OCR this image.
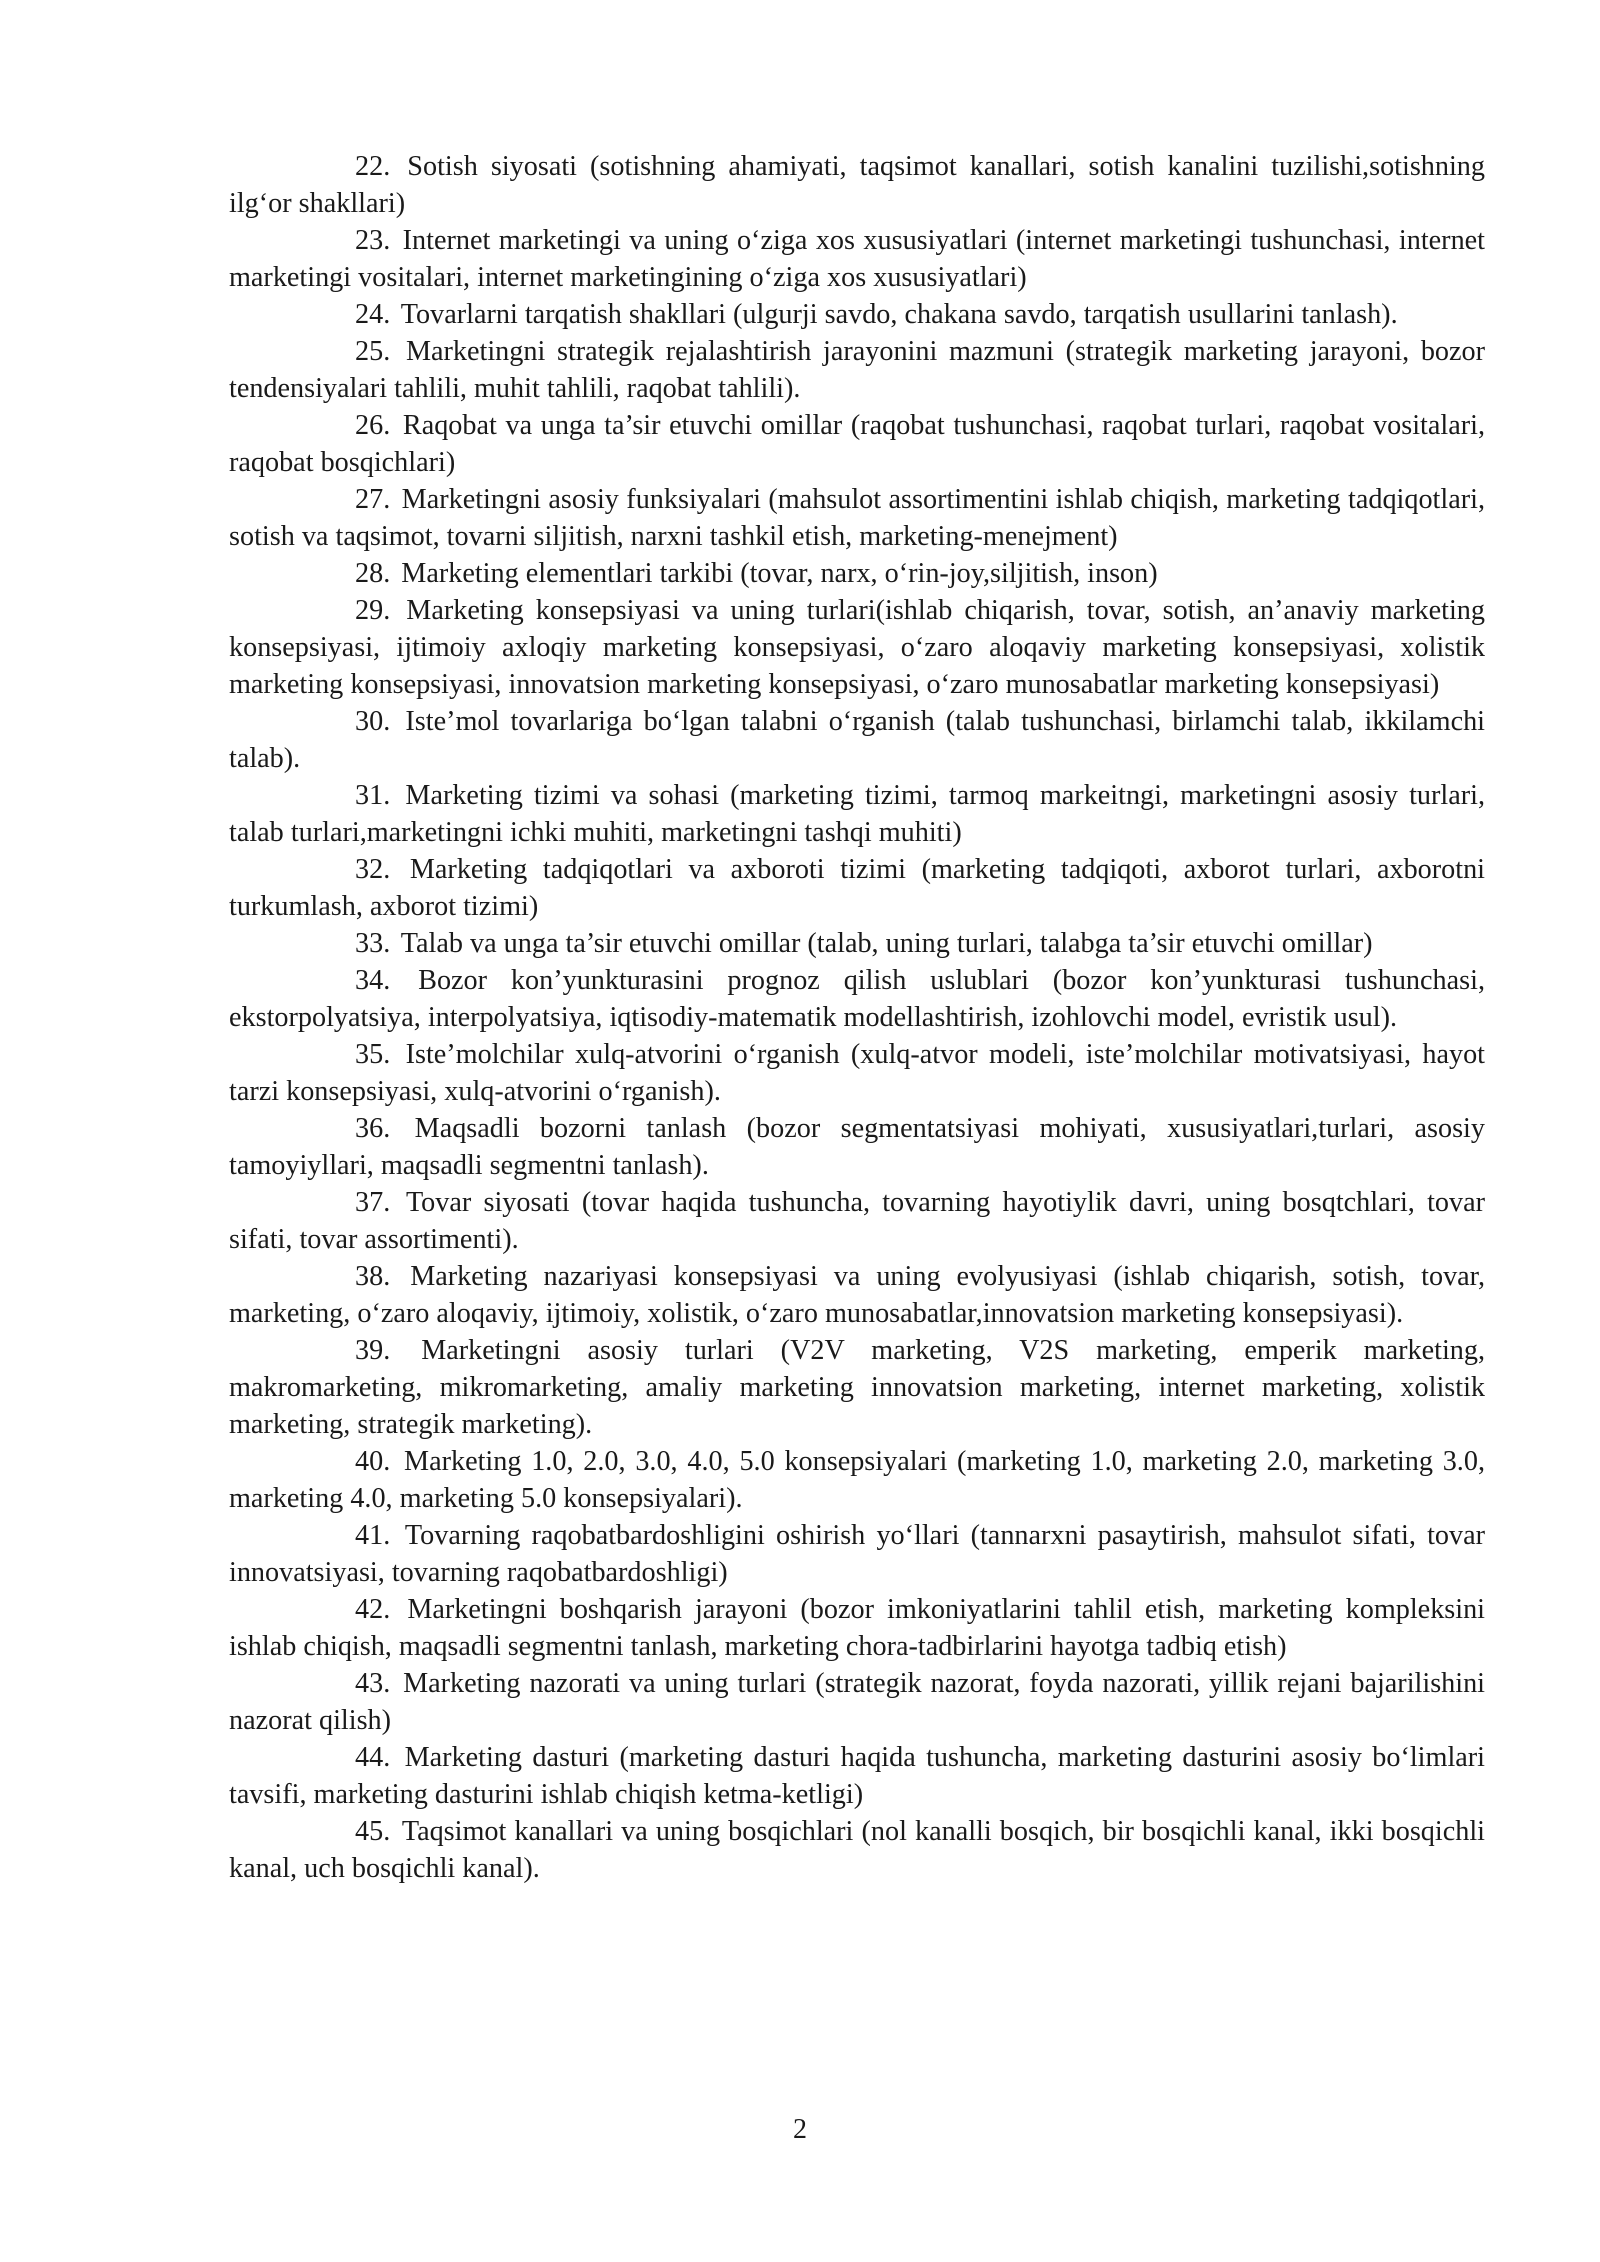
22. Sotish siyosati (sotishning ahamiyati, taqsimot kanallari, sotish kanalini tuzilishi,sotishning ilg‘or shakllari)

23. Internet marketingi va uning o‘ziga xos xususiyatlari (internet marketingi tushunchasi, internet marketingi vositalari, internet marketingining o‘ziga xos xususiyatlari)

24. Tovarlarni tarqatish shakllari (ulgurji savdo, chakana savdo, tarqatish usullarini tanlash).

25. Marketingni strategik rejalashtirish jarayonini mazmuni (strategik marketing jarayoni, bozor tendensiyalari tahlili, muhit tahlili, raqobat tahlili).

26. Raqobat va unga ta’sir etuvchi omillar (raqobat tushunchasi, raqobat turlari, raqobat vositalari, raqobat bosqichlari)

27. Marketingni asosiy funksiyalari (mahsulot assortimentini ishlab chiqish, marketing tadqiqotlari, sotish va taqsimot, tovarni siljitish, narxni tashkil etish, marketing-menejment)

28. Marketing elementlari tarkibi (tovar, narx, o‘rin-joy,siljitish, inson)

29. Marketing konsepsiyasi va uning turlari(ishlab chiqarish, tovar, sotish, an’anaviy marketing konsepsiyasi, ijtimoiy axloqiy marketing konsepsiyasi, o‘zaro aloqaviy marketing konsepsiyasi, xolistik marketing konsepsiyasi, innovatsion marketing konsepsiyasi, o‘zaro munosabatlar marketing konsepsiyasi)

30. Iste’mol tovarlariga bo‘lgan talabni o‘rganish (talab tushunchasi, birlamchi talab, ikkilamchi talab).

31. Marketing tizimi va sohasi (marketing tizimi, tarmoq markeitngi, marketingni asosiy turlari, talab turlari,marketingni ichki muhiti, marketingni tashqi muhiti)

32. Marketing tadqiqotlari va axboroti tizimi (marketing tadqiqoti, axborot turlari, axborotni turkumlash, axborot tizimi)

33. Talab va unga ta’sir etuvchi omillar (talab, uning turlari, talabga ta’sir etuvchi omillar)

34. Bozor kon’yunkturasini prognoz qilish uslublari (bozor kon’yunkturasi tushunchasi, ekstorpolyatsiya, interpolyatsiya, iqtisodiy-matematik modellashtirish, izohlovchi model, evristik usul).

35. Iste’molchilar xulq-atvorini o‘rganish (xulq-atvor modeli, iste’molchilar motivatsiyasi, hayot tarzi konsepsiyasi, xulq-atvorini o‘rganish).

36. Maqsadli bozorni tanlash (bozor segmentatsiyasi mohiyati, xususiyatlari,turlari, asosiy tamoyiyllari, maqsadli segmentni tanlash).

37. Tovar siyosati (tovar haqida tushuncha, tovarning hayotiylik davri, uning bosqtchlari, tovar sifati, tovar assortimenti).

38. Marketing nazariyasi konsepsiyasi va uning evolyusiyasi (ishlab chiqarish, sotish, tovar, marketing, o‘zaro aloqaviy, ijtimoiy, xolistik, o‘zaro munosabatlar,innovatsion marketing konsepsiyasi).

39. Marketingni asosiy turlari (V2V marketing, V2S marketing, emperik marketing, makromarketing, mikromarketing, amaliy marketing innovatsion marketing, internet marketing, xolistik marketing, strategik marketing).

40. Marketing 1.0, 2.0, 3.0, 4.0, 5.0 konsepsiyalari (marketing 1.0, marketing 2.0, marketing 3.0, marketing 4.0, marketing 5.0 konsepsiyalari).

41. Tovarning raqobatbardoshligini oshirish yo‘llari (tannarxni pasaytirish, mahsulot sifati, tovar innovatsiyasi, tovarning raqobatbardoshligi)

42. Marketingni boshqarish jarayoni (bozor imkoniyatlarini tahlil etish, marketing kompleksini ishlab chiqish, maqsadli segmentni tanlash, marketing chora-tadbirlarini hayotga tadbiq etish)

43. Marketing nazorati va uning turlari (strategik nazorat, foyda nazorati, yillik rejani bajarilishini nazorat qilish)

44. Marketing dasturi (marketing dasturi haqida tushuncha, marketing dasturini asosiy bo‘limlari tavsifi, marketing dasturini ishlab chiqish ketma-ketligi)

45. Taqsimot kanallari va uning bosqichlari (nol kanalli bosqich, bir bosqichli kanal, ikki bosqichli kanal, uch bosqichli kanal).

2
